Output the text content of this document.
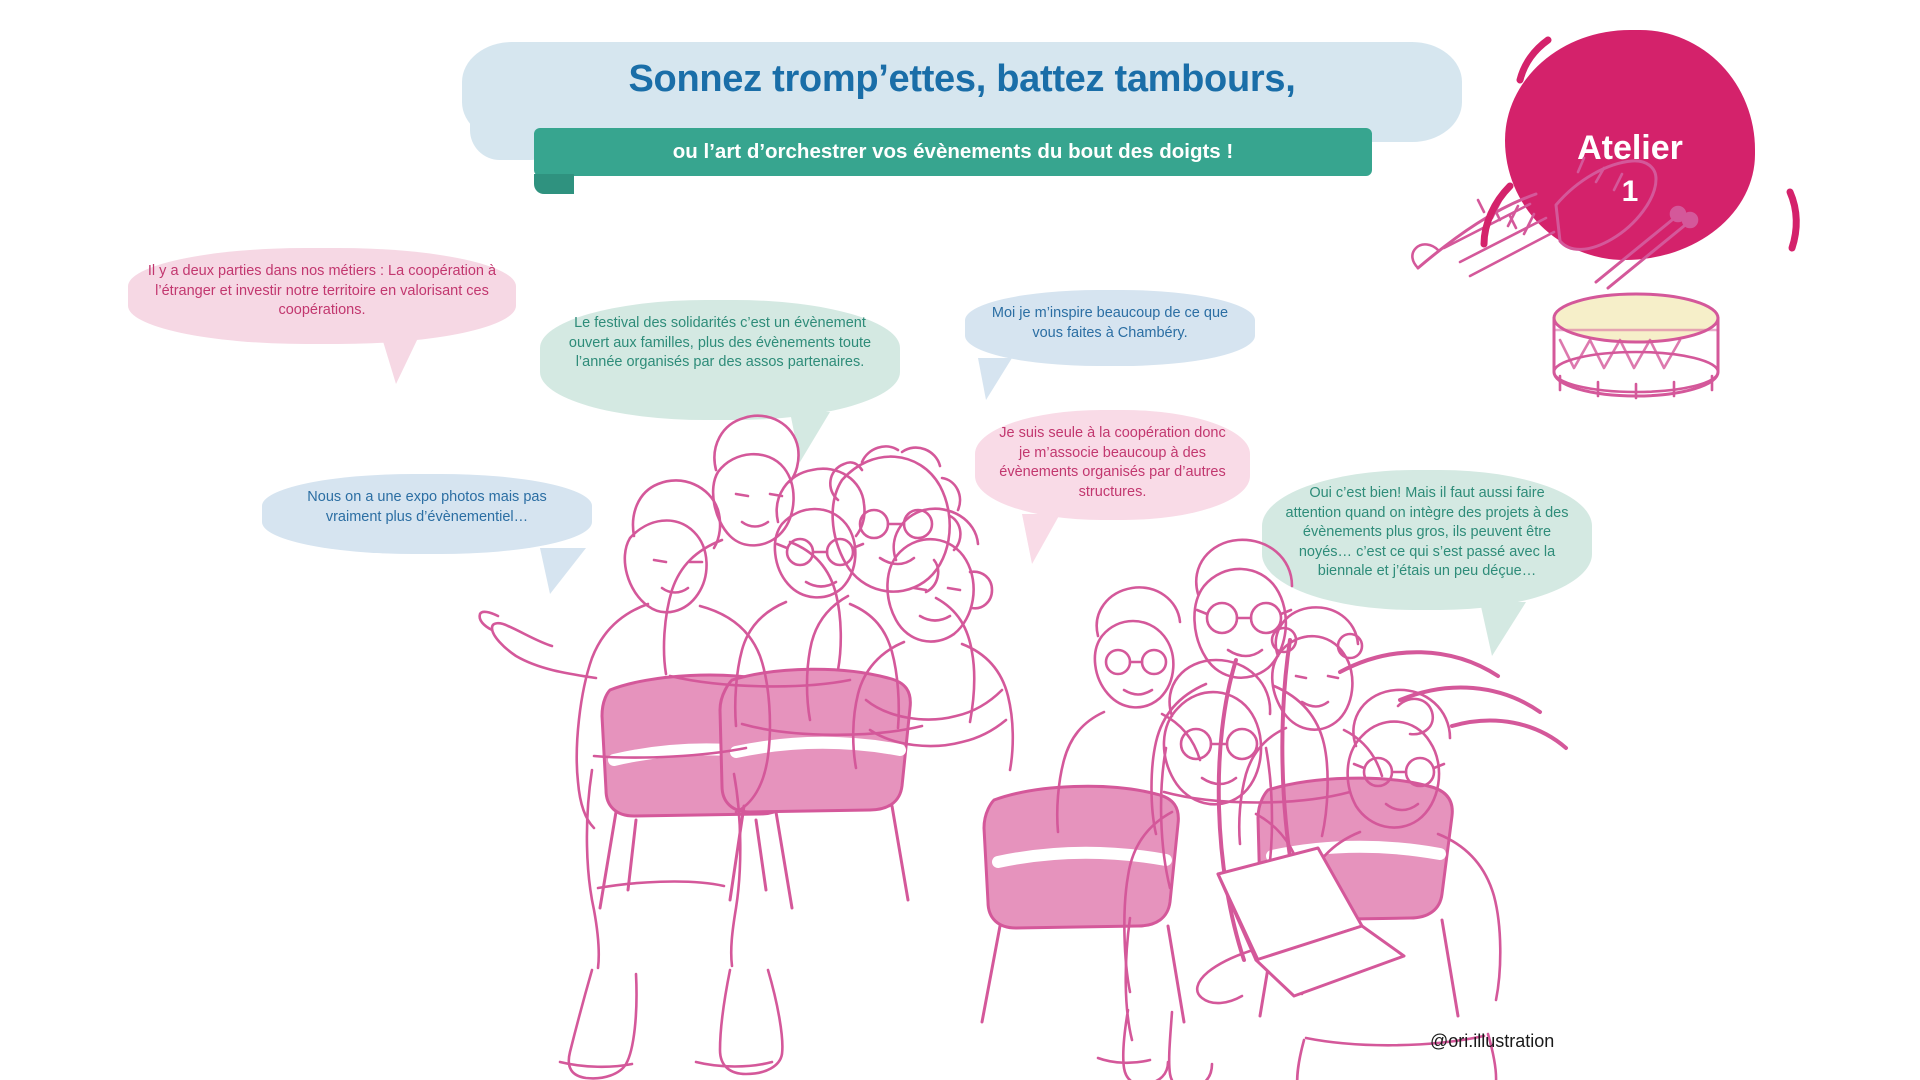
Sonnez tromp’ettes, battez tambours,
ou l’art d’orchestrer vos évènements du bout des doigts !	Atelier
1
Il y a deux parties dans nos métiers : La coopération à l’étranger et investir notre territoire en valorisant ces coopérations.
Le festival des solidarités c’est un évènement ouvert aux familles, plus des évènements toute l’année organisés par des assos partenaires.
Moi je m’inspire beaucoup de ce que vous faites à Chambéry.
Je suis seule à la coopération donc je m’associe beaucoup à des évènements organisés par d’autres structures.
Nous on a une expo photos mais pas vraiment plus d’évènementiel…
Oui c’est bien! Mais il faut aussi faire attention quand on intègre des projets à des évènements plus gros, ils peuvent être noyés… c’est ce qui s’est passé avec la biennale et j’étais un peu déçue…
@ori.illustration
